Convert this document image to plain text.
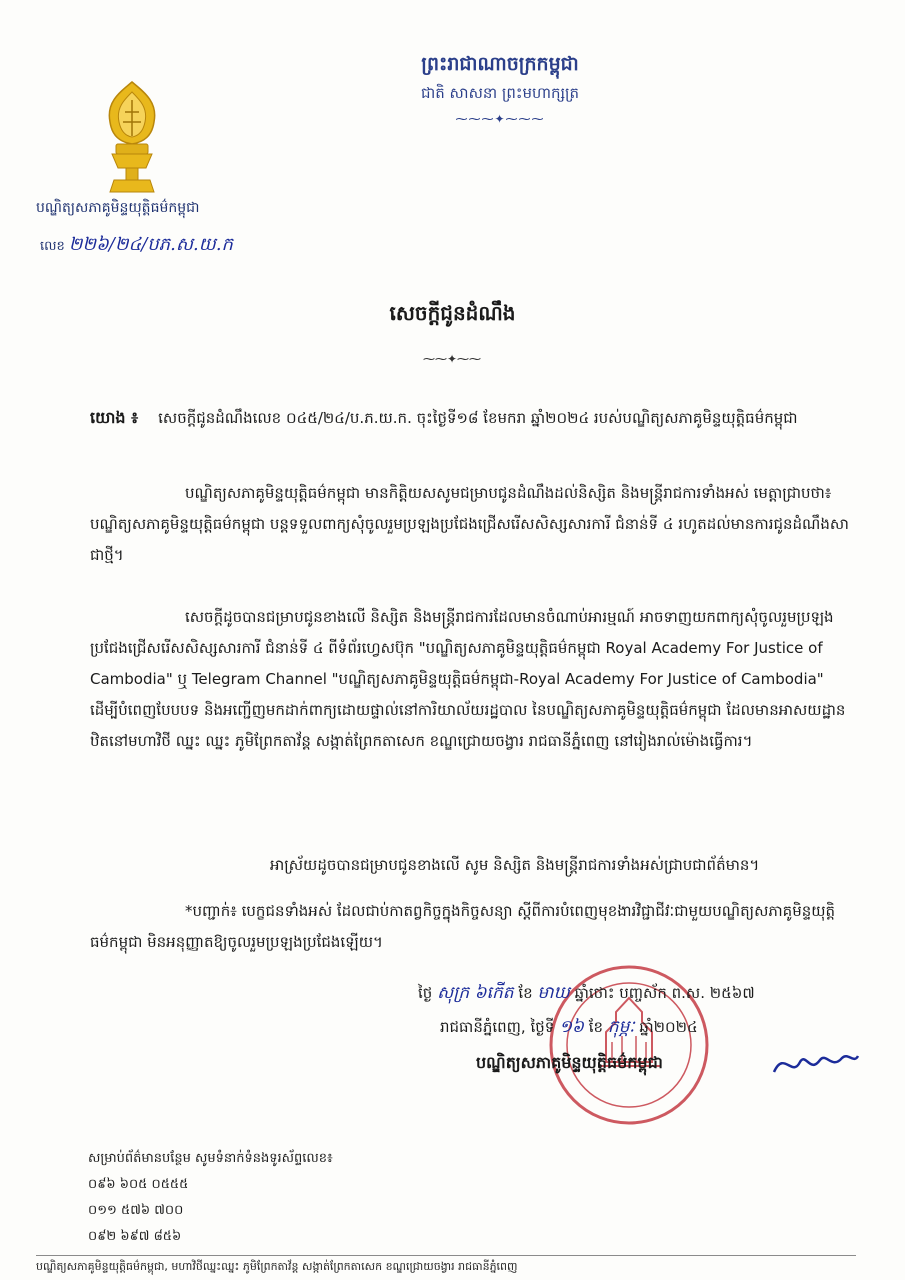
ព្រះរាជាណាចក្រកម្ពុជា
ជាតិ សាសនា ព្រះមហាក្សត្រ
⁓⁓⁓✦⁓⁓⁓
បណ្ឌិត្យសភាគូមិន្ទយុត្តិធម៌កម្ពុជា
លេខ ២២៦/២៤/បភ.ស.យ.ក
សេចក្តីជូនដំណឹង
⁓⁓✦⁓⁓
យោង ៖ សេចក្តីជូនដំណឹងលេខ ០៤៥/២៤/ប.ភ.យ.ក. ចុះថ្ងៃទី១៨ ខែមករា ឆ្នាំ២០២៤ របស់បណ្ឌិត្យសភាគូមិន្ទយុត្តិធម៌កម្ពុជា
បណ្ឌិត្យសភាគូមិន្ទយុត្តិធម៌កម្ពុជា មានកិត្តិយសសូមជម្រាបជូនដំណឹងដល់និស្សិត និងមន្ត្រីរាជការទាំងអស់ មេត្តាជ្រាបថា៖ បណ្ឌិត្យសភាគូមិន្ទយុត្តិធម៌កម្ពុជា បន្តទទួលពាក្យសុំចូលរួមប្រឡងប្រជែងជ្រើសរើសសិស្សសារការី ជំនាន់ទី ៤ រហូតដល់មានការជូនដំណឹងសាជាថ្មី។
សេចក្តីដូចបានជម្រាបជូនខាងលើ និស្សិត និងមន្ត្រីរាជការដែលមានចំណាប់អារម្មណ៍ អាចទាញយកពាក្យសុំចូលរួមប្រឡងប្រជែងជ្រើសរើសសិស្សសារការី ជំនាន់ទី ៤ ពីទំព័រហ្វេសប៊ុក "បណ្ឌិត្យសភាគូមិន្ទយុត្តិធម៌កម្ពុជា Royal Academy For Justice of Cambodia" ឬ Telegram Channel "បណ្ឌិត្យសភាគូមិន្ទយុត្តិធម៌កម្ពុជា-Royal Academy For Justice of Cambodia" ដើម្បីបំពេញបែបបទ និងអញ្ជើញមកដាក់ពាក្យដោយផ្ទាល់នៅការិយាល័យរដ្ឋបាល នៃបណ្ឌិត្យសភាគូមិន្ទយុត្តិធម៌កម្ពុជា ដែលមានអាសយដ្ឋានឋិតនៅមហាវិថី ឈ្នះ ឈ្នះ ភូមិព្រែកតាវ័ន្ត សង្កាត់ព្រែកតាសេក ខណ្ឌជ្រោយចង្វារ រាជធានីភ្នំពេញ នៅរៀងរាល់ម៉ោងធ្វើការ។
អាស្រ័យដូចបានជម្រាបជូនខាងលើ សូម និស្សិត និងមន្ត្រីរាជការទាំងអស់ជ្រាបជាព័ត៌មាន។
*បញ្ជាក់៖ បេក្ខជនទាំងអស់ ដែលជាប់កាតព្វកិច្ចក្នុងកិច្ចសន្យា ស្តីពីការបំពេញមុខងារវិជ្ជាជីវៈជាមួយបណ្ឌិត្យសភាគូមិន្ទយុត្តិធម៌កម្ពុជា មិនអនុញ្ញាតឱ្យចូលរួមប្រឡងប្រជែងឡើយ។
ថ្ងៃ សុក្រ ៦កើត ខែ មាឃ ឆ្នាំថោះ បញ្ចស័ក ព.ស. ២៥៦៧
រាជធានីភ្នំពេញ, ថ្ងៃទី ១៦ ខែ កុម្ភៈ ឆ្នាំ២០២៤
បណ្ឌិត្យសភាគូមិន្ទយុត្តិធម៌កម្ពុជា
សម្រាប់ព័ត៌មានបន្ថែម សូមទំនាក់ទំនងទូរស័ព្ទលេខ៖
០៩៦ ៦០៥ ០៥៥៥
០១១ ៥៧៦ ៧០០
០៩២ ៦៩៧ ៨៥៦
បណ្ឌិត្យសភាគូមិន្ទយុត្តិធម៌កម្ពុជា, មហាវិថីឈ្នះឈ្នះ ភូមិព្រែកតាវ័ន្ត សង្កាត់ព្រែកតាសេក ខណ្ឌជ្រោយចង្វារ រាជធានីភ្នំពេញ
